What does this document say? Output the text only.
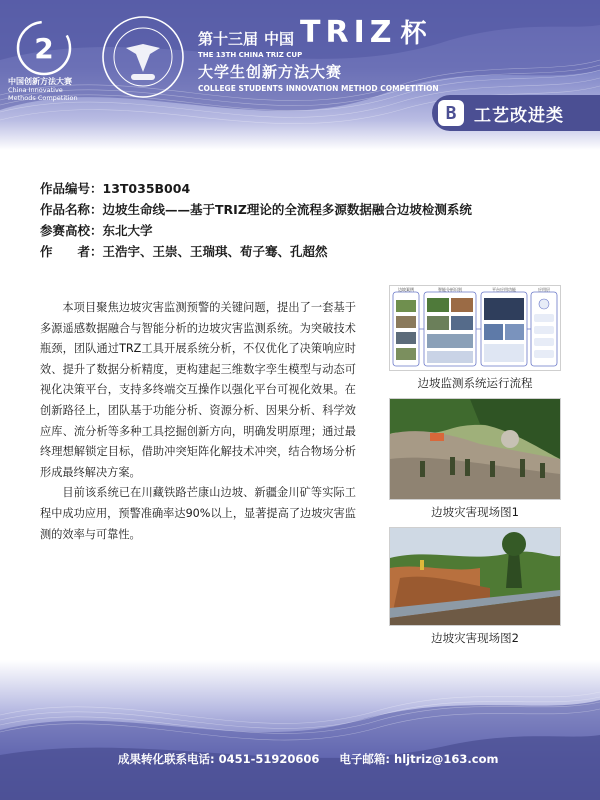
2
中国创新方法大赛
China Innovative Methods Competition
第十三届 中国 TRIZ 杯
THE 13TH CHINA TRIZ CUP
大学生创新方法大赛
COLLEGE STUDENTS INNOVATION METHOD COMPETITION
B	工艺改进类
作品编号： 13T035B004
作品名称： 边坡生命线——基于TRIZ理论的全流程多源数据融合边坡检测系统
参赛高校： 东北大学
作　　者： 王浩宇、王崇、王瑞琪、荀子骞、孔超然

本项目聚焦边坡灾害监测预警的关键问题，提出了一套基于多源遥感数据融合与智能分析的边坡灾害监测系统。为突破技术瓶颈，团队通过TRZ工具开展系统分析，不仅优化了决策响应时效、提升了数据分析精度，更构建起三维数字孪生模型与动态可视化决策平台，支持多终端交互操作以强化平台可视化效果。在创新路径上，团队基于功能分析、资源分析、因果分析、科学效应库、流分析等多种工具挖掘创新方向，明确发明原理；通过最终理想解锁定目标，借助冲突矩阵化解技术冲突，结合物场分析形成最终解决方案。

目前该系统已在川藏铁路芒康山边坡、新疆金川矿等实际工程中成功应用，预警准确率达90%以上，显著提高了边坡灾害监测的效率与可靠性。

边坡案例	智能分析识别	平台应用功能	应用层
边坡监测系统运行流程
边坡灾害现场图1
边坡灾害现场图2
成果转化联系电话: 0451-51920606 电子邮箱: hljtriz@163.com
